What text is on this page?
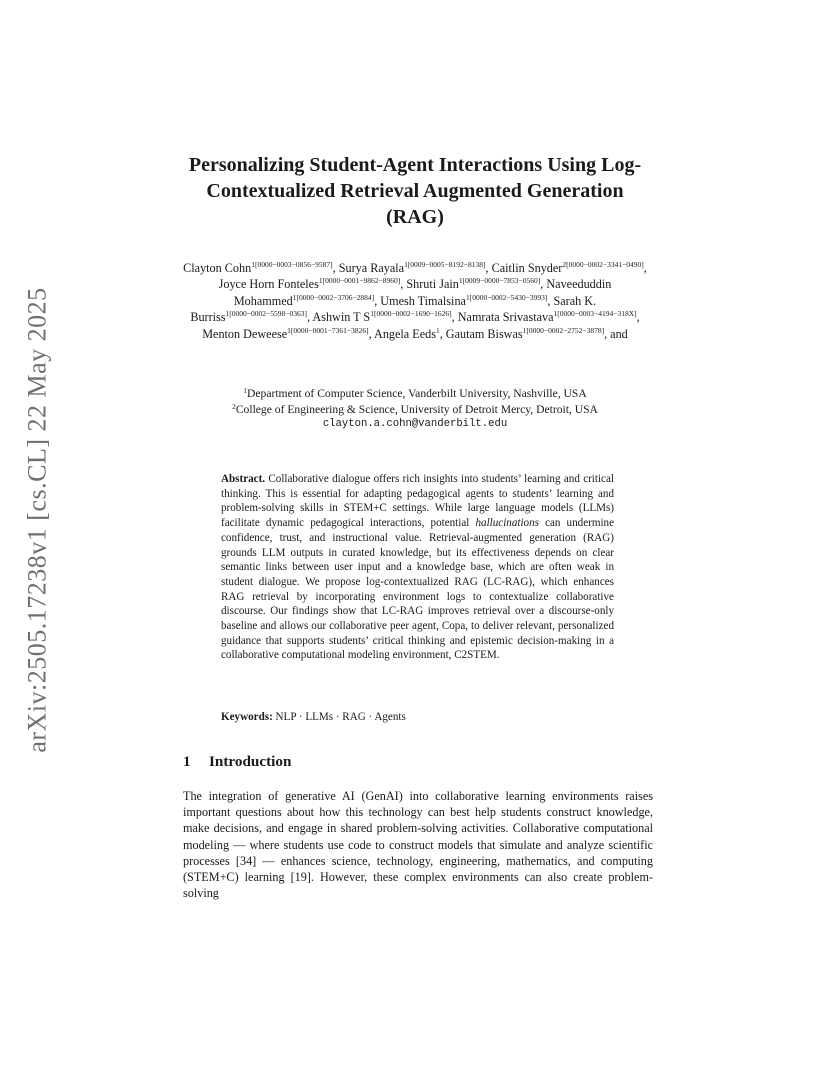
arXiv:2505.17238v1 [cs.CL] 22 May 2025
Personalizing Student-Agent Interactions Using Log-Contextualized Retrieval Augmented Generation (RAG)
Clayton Cohn$^{1[0000-0003-0856-9587]}$, Surya Rayala$^{1[0009-0005-8192-8138]}$, Caitlin Snyder$^{2[0000-0002-3341-0490]}$, Joyce Horn Fonteles$^{1[0000-0001-9862-8960]}$, Shruti Jain$^{1[0009-0000-7853-0560]}$, Naveeduddin Mohammed$^{1[0000-0002-3706-2884]}$, Umesh Timalsina$^{1[0000-0002-5430-3993]}$, Sarah K. Burriss$^{1[0000-0002-5598-0363]}$, Ashwin T $S^{1[0000-0002-1690-1626]}$, Namrata Srivastava$^{1[0000-0003-4194-318X]}$, Menton Deweese$^{1[0000-0001-7361-3826]}$, Angela Eeds$^1$, Gautam Biswas$^{1[0000-0002-2752-3878]}$, and
$^1$Department of Computer Science, Vanderbilt University, Nashville, USA
$^2$College of Engineering & Science, University of Detroit Mercy, Detroit, USA
clayton.a.cohn@vanderbilt.edu
Abstract. Collaborative dialogue offers rich insights into students’ learning and critical thinking. This is essential for adapting pedagogical agents to students’ learning and problem-solving skills in STEM+C settings. While large language models (LLMs) facilitate dynamic pedagogical interactions, potential hallucinations can undermine confidence, trust, and instructional value. Retrieval-augmented generation (RAG) grounds LLM outputs in curated knowledge, but its effectiveness depends on clear semantic links between user input and a knowledge base, which are often weak in student dialogue. We propose log-contextualized RAG (LC-RAG), which enhances RAG retrieval by incorporating environment logs to contextualize collaborative discourse. Our findings show that LC-RAG improves retrieval over a discourse-only baseline and allows our collaborative peer agent, Copa, to deliver relevant, personalized guidance that supports students’ critical thinking and epistemic decision-making in a collaborative computational modeling environment, C2STEM.
Keywords: NLP · LLMs · RAG · Agents
1 Introduction

The integration of generative AI (GenAI) into collaborative learning environments raises important questions about how this technology can best help students construct knowledge, make decisions, and engage in shared problem-solving activities. Collaborative computational modeling — where students use code to construct models that simulate and analyze scientific processes [34] — enhances science, technology, engineering, mathematics, and computing (STEM+C) learning [19]. However, these complex environments can also create problem-solving
